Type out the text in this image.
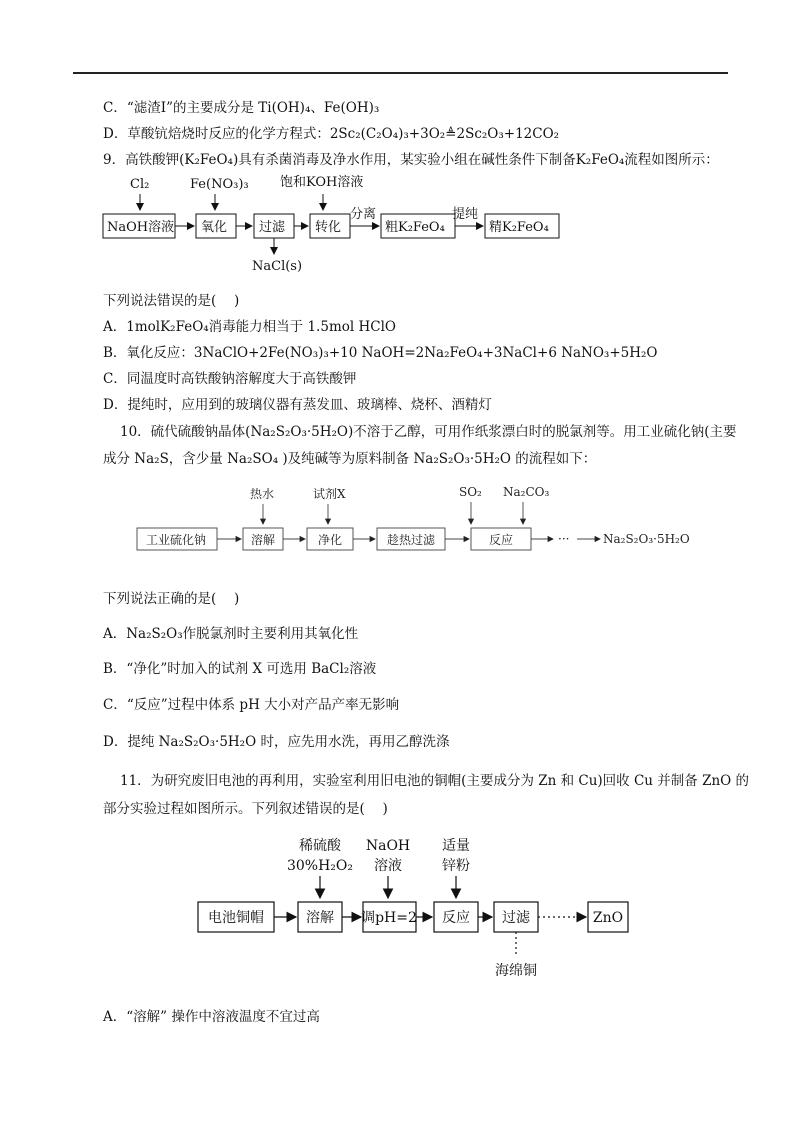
C．“滤渣Ⅰ”的主要成分是 Ti(OH)₄、Fe(OH)₃
D．草酸钪焙烧时反应的化学方程式：2Sc₂(C₂O₄)₃+3O₂≜2Sc₂O₃+12CO₂
9．高铁酸钾(K₂FeO₄)具有杀菌消毒及净水作用，某实验小组在碱性条件下制备K₂FeO₄流程如图所示：
Cl₂	Fe(NO₃)₃ 饱和KOH溶液
NaOH溶液 氧化 过滤 转化	粗K₂FeO₄	精K₂FeO₄
分离	提纯
NaCl(s)
下列说法错误的是(　 )
A．1molK₂FeO₄消毒能力相当于 1.5mol HClO
B．氧化反应：3NaClO+2Fe(NO₃)₃+10 NaOH=2Na₂FeO₄+3NaCl+6 NaNO₃+5H₂O
C．同温度时高铁酸钠溶解度大于高铁酸钾
D．提纯时，应用到的玻璃仪器有蒸发皿、玻璃棒、烧杯、酒精灯
10．硫代硫酸钠晶体(Na₂S₂O₃·5H₂O)不溶于乙醇，可用作纸浆漂白时的脱氯剂等。用工业硫化钠(主要
成分 Na₂S，含少量 Na₂SO₄ )及纯碱等为原料制备 Na₂S₂O₃·5H₂O 的流程如下：
热水	试剂X	SO₂ Na₂CO₃
工业硫化钠	溶解	净化	趁热过滤	反应	···	Na₂S₂O₃·5H₂O
下列说法正确的是(　 )
A．Na₂S₂O₃作脱氯剂时主要利用其氧化性
B．“净化”时加入的试剂 X 可选用 BaCl₂溶液
C．“反应”过程中体系 pH 大小对产品产率无影响
D．提纯 Na₂S₂O₃·5H₂O 时，应先用水洗，再用乙醇洗涤
11．为研究废旧电池的再利用，实验室利用旧电池的铜帽(主要成分为 Zn 和 Cu)回收 Cu 并制备 ZnO 的
部分实验过程如图所示。下列叙述错误的是(　 )
稀硫酸
30%H₂O₂
NaOH
溶液
适量
锌粉
电池铜帽	溶解 调pH=2 反应 过滤	ZnO
海绵铜
A．“溶解” 操作中溶液温度不宜过高
